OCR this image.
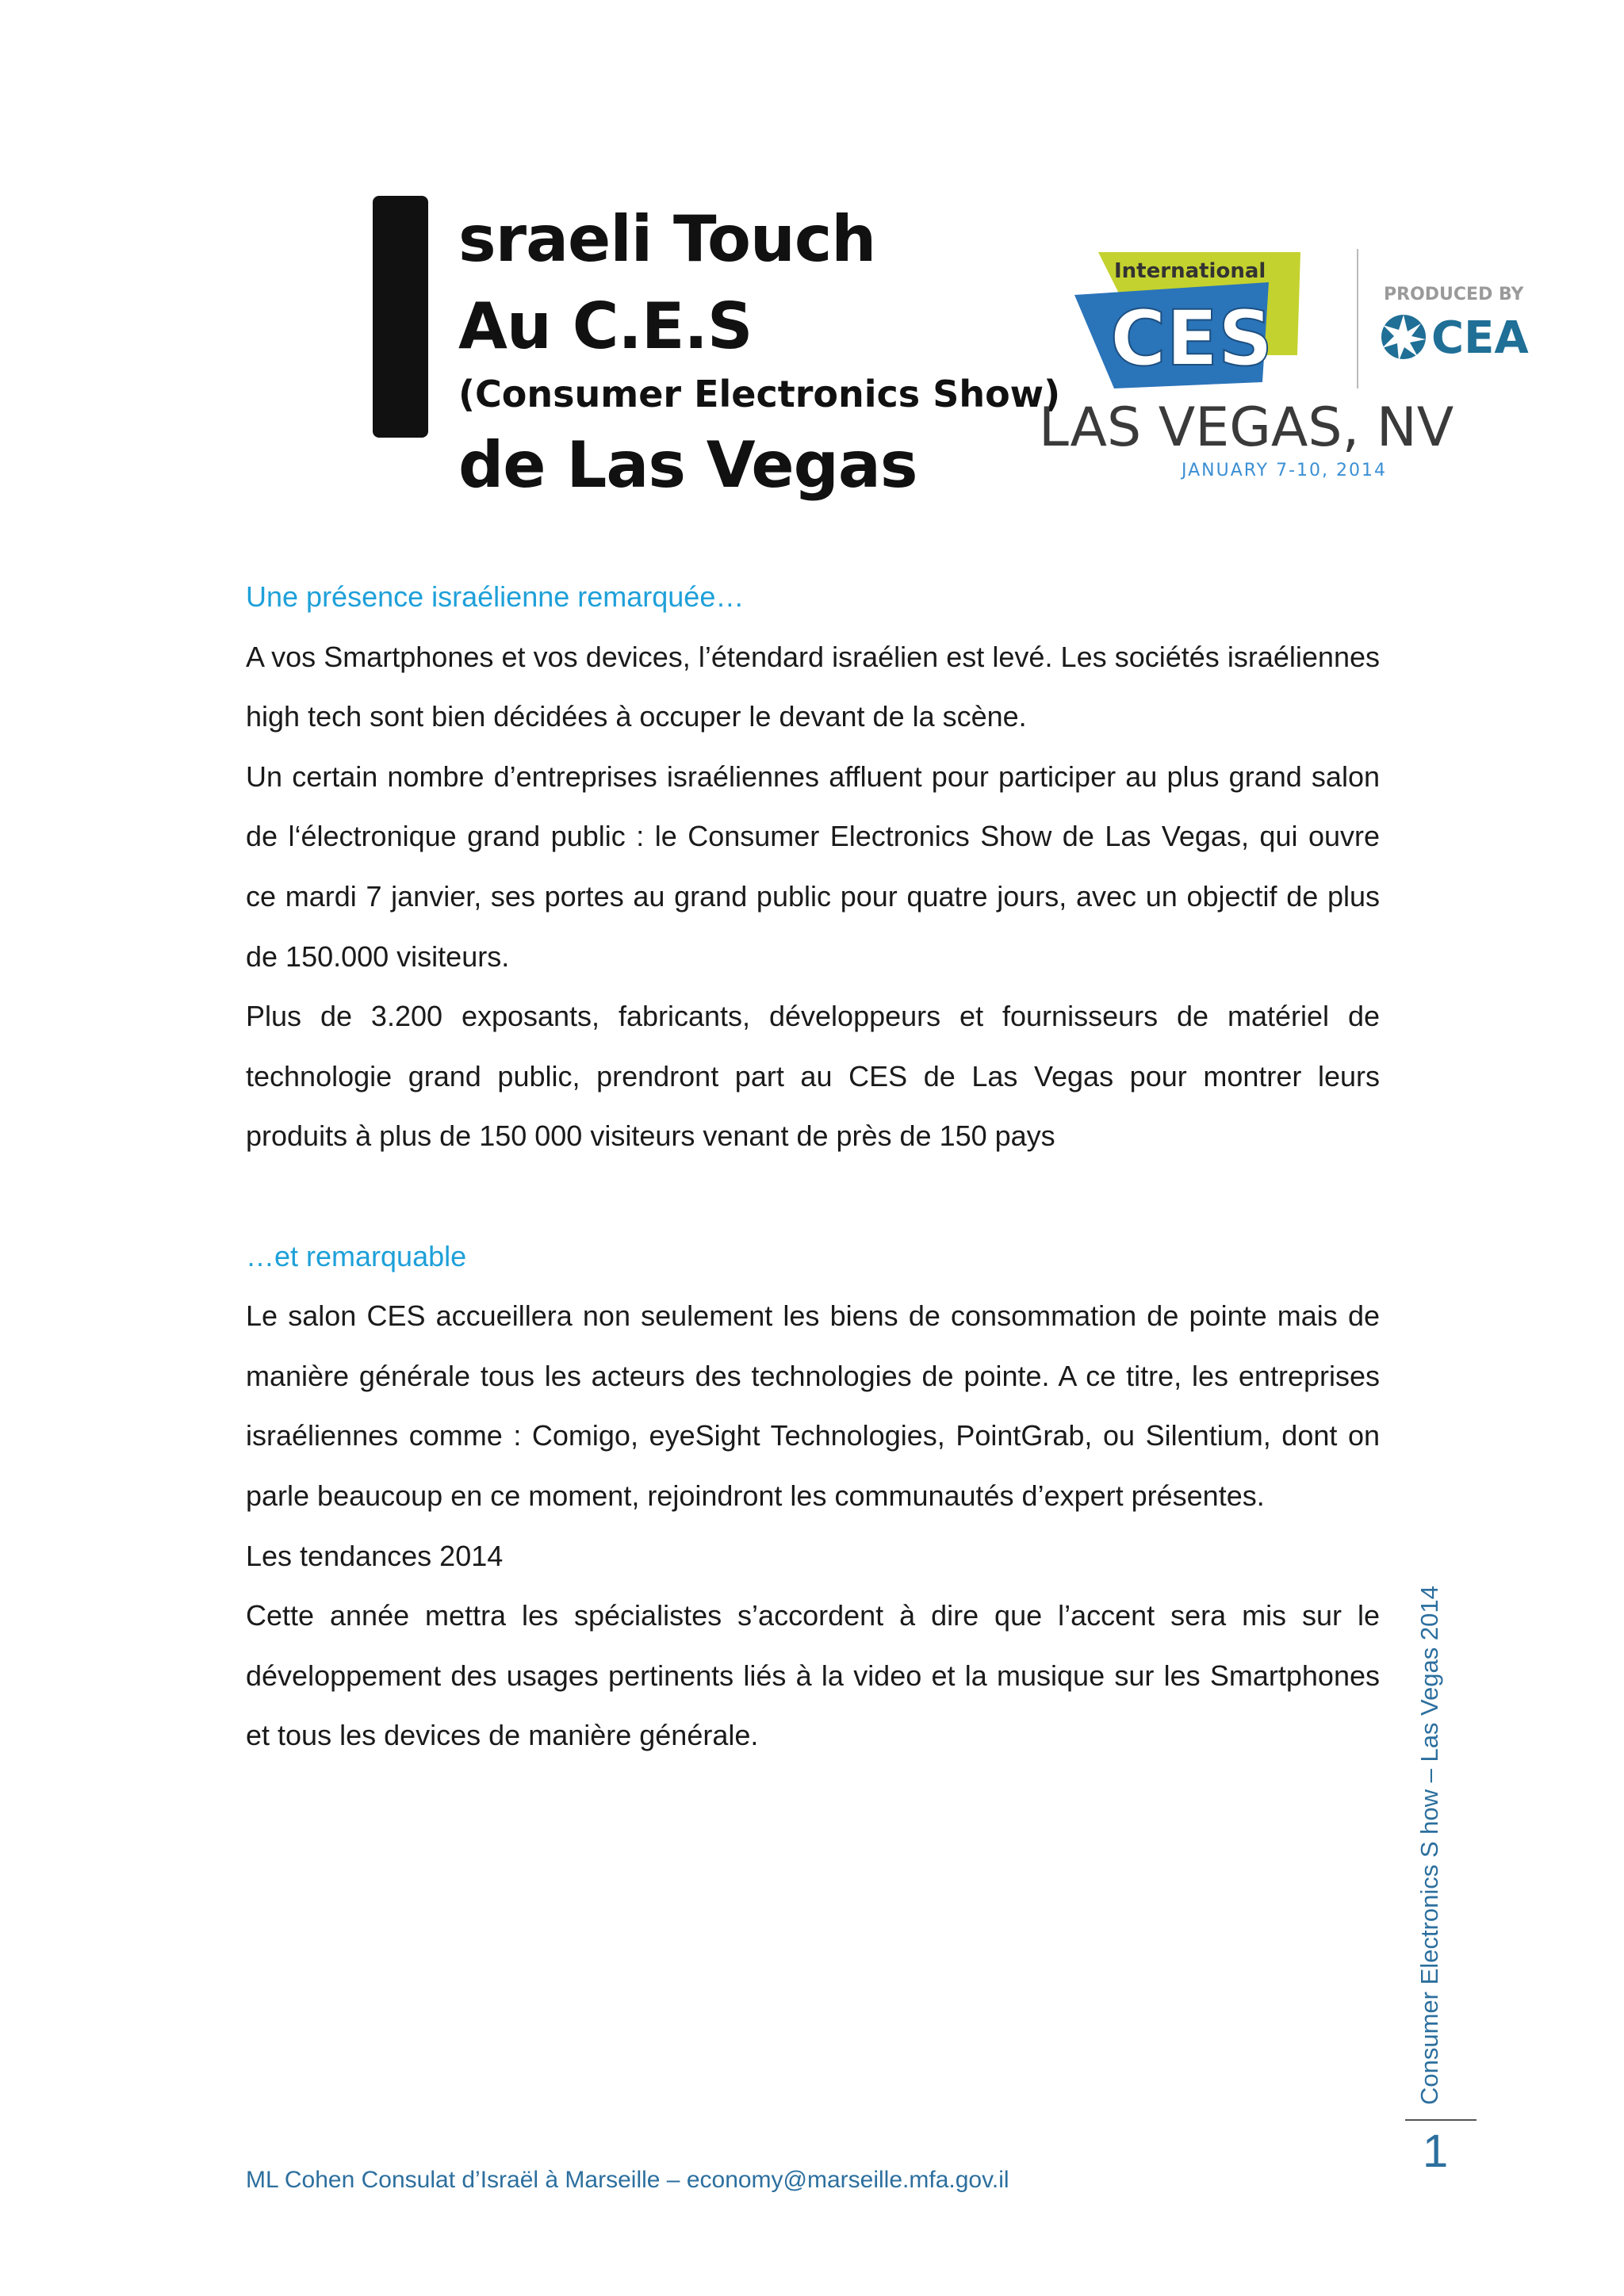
sraeli Touch
Au C.E.S
(Consumer Electronics Show)
de Las Vegas
International
CES	PRODUCED BY
CEA
LAS VEGAS, NV
JANUARY 7-10, 2014

Une présence israélienne remarquée…

A vos Smartphones et vos devices, l’étendard israélien est levé. Les sociétés israéliennes high tech sont bien décidées à occuper le devant de la scène.

Un certain nombre d’entreprises israéliennes affluent pour participer au plus grand salon de l‘électronique grand public : le Consumer Electronics Show de Las Vegas, qui ouvre ce mardi 7 janvier, ses portes au grand public pour quatre jours, avec un objectif de plus de 150.000 visiteurs.

Plus de 3.200 exposants, fabricants, développeurs et fournisseurs de matériel de technologie grand public, prendront part au CES de Las Vegas pour montrer leurs produits à plus de 150 000 visiteurs venant de près de 150 pays

…et remarquable

Le salon CES accueillera non seulement les biens de consommation de pointe mais de manière générale tous les acteurs des technologies de pointe. A ce titre, les entreprises israéliennes comme : Comigo, eyeSight Technologies, PointGrab, ou Silentium, dont on parle beaucoup en ce moment, rejoindront les communautés d’expert présentes.

Les tendances 2014

Cette année mettra les spécialistes s’accordent à dire que l’accent sera mis sur le développement des usages pertinents liés à la video et la musique sur les Smartphones et tous les devices de manière générale.	Consumer Electronics S how – Las Vegas 2014
1
ML Cohen Consulat d’Israël à Marseille – economy@marseille.mfa.gov.il
